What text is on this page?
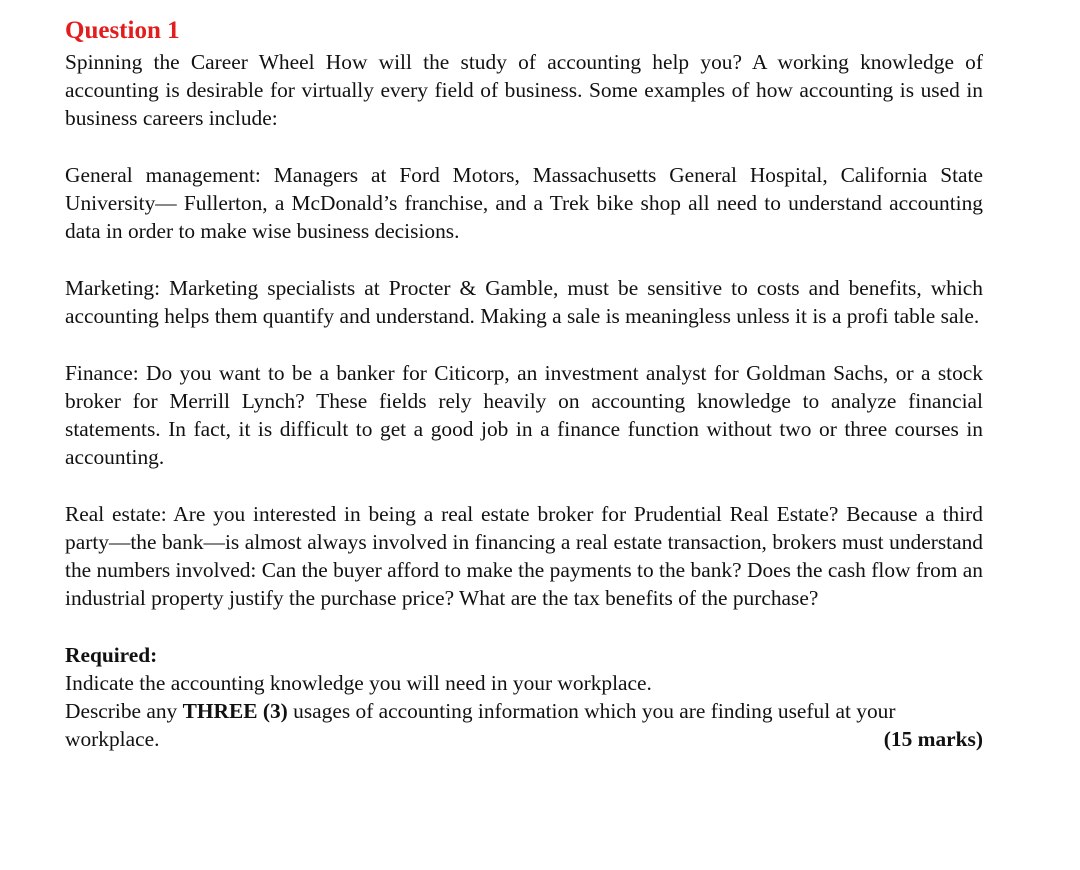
Question 1

Spinning the Career Wheel How will the study of accounting help you? A working knowledge of accounting is desirable for virtually every field of business. Some examples of how accounting is used in business careers include:

General management: Managers at Ford Motors, Massachusetts General Hospital, California State University— Fullerton, a McDonald’s franchise, and a Trek bike shop all need to understand accounting data in order to make wise business decisions.

Marketing: Marketing specialists at Procter & Gamble, must be sensitive to costs and benefits, which accounting helps them quantify and understand. Making a sale is meaningless unless it is a profi table sale.

Finance: Do you want to be a banker for Citicorp, an investment analyst for Goldman Sachs, or a stock broker for Merrill Lynch? These fields rely heavily on accounting knowledge to analyze financial statements. In fact, it is difficult to get a good job in a finance function without two or three courses in accounting.

Real estate: Are you interested in being a real estate broker for Prudential Real Estate? Because a third party—the bank—is almost always involved in financing a real estate transaction, brokers must understand the numbers involved: Can the buyer afford to make the payments to the bank? Does the cash flow from an industrial property justify the purchase price? What are the tax benefits of the purchase?

Required:

Indicate the accounting knowledge you will need in your workplace.

Describe any THREE (3) usages of accounting information which you are finding useful at your

workplace.	(15 marks)
